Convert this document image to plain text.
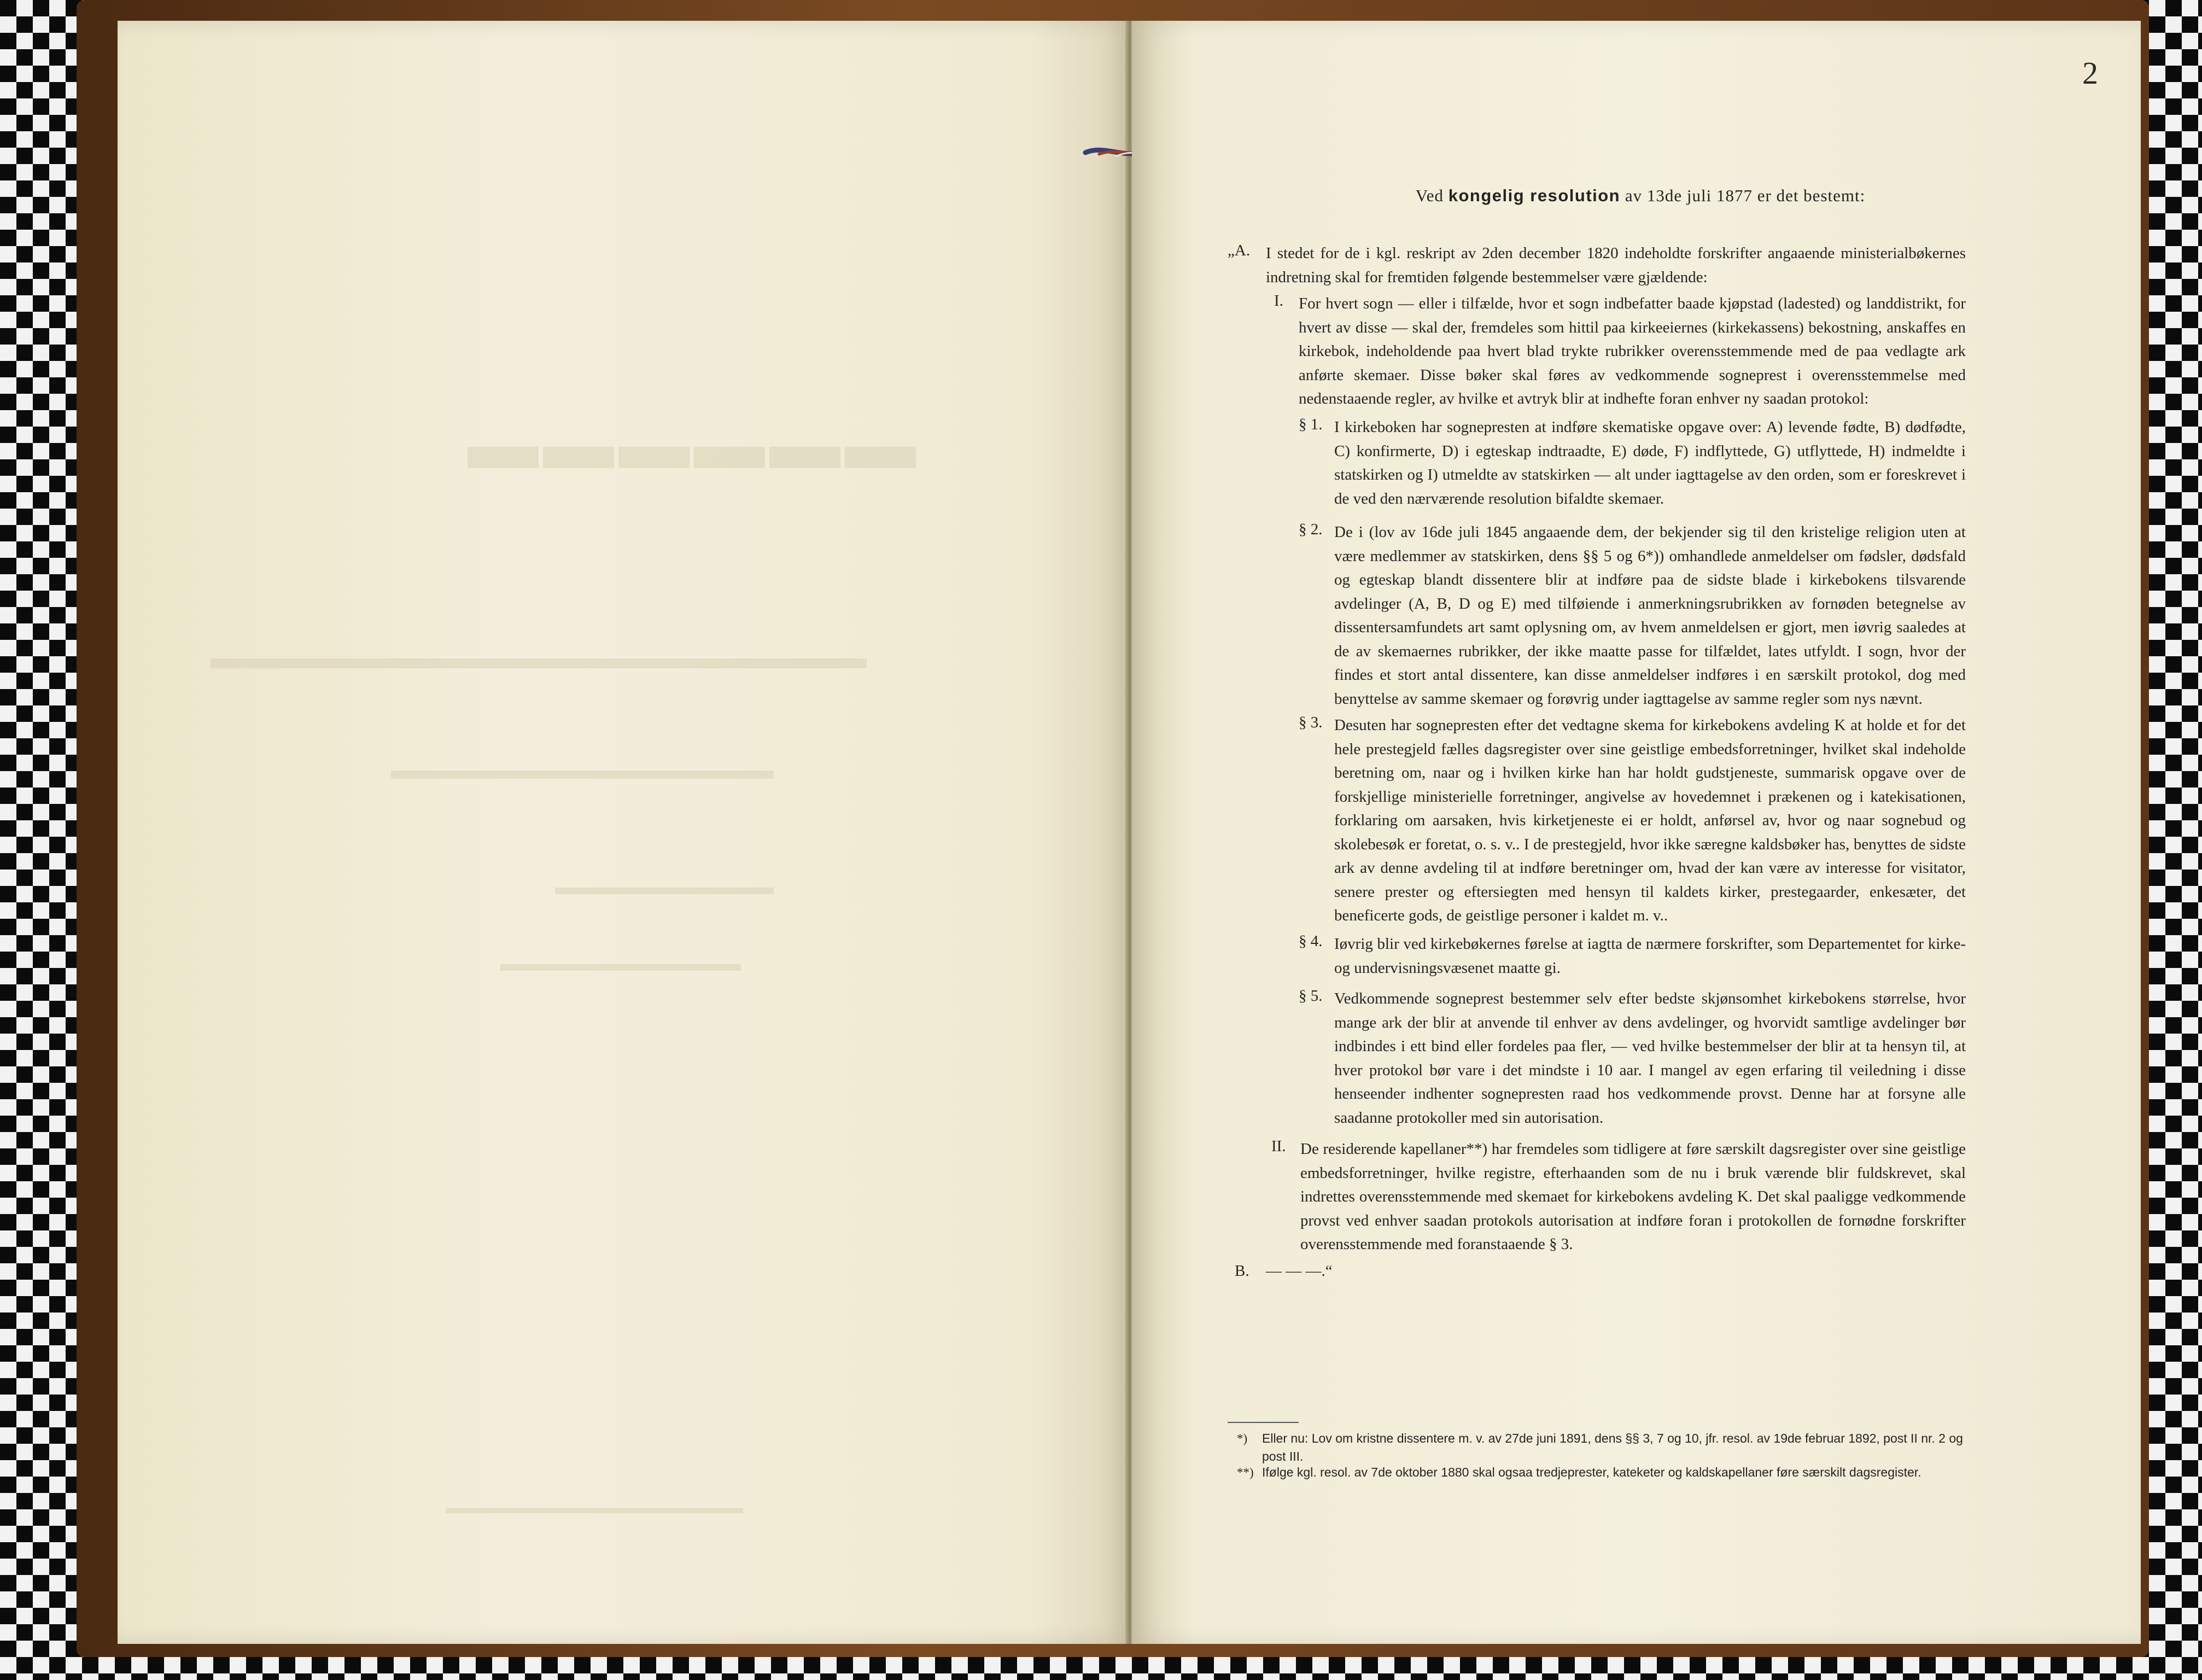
▬▬▬▬▬▬
▬▬▬▬▬▬▬▬▬▬▬▬▬▬▬▬▬▬▬▬
▬▬▬▬▬▬▬▬▬▬▬▬▬▬
▬▬▬▬▬▬▬▬▬▬
▬▬▬▬▬▬▬▬▬▬▬
▬▬▬▬▬▬▬▬▬▬▬▬▬▬▬▬▬
2
Ved kongelig resolution av 13de juli 1877 er det bestemt:
„A. I stedet for de i kgl. reskript av 2den december 1820 indeholdte forskrifter angaaende ministerialbøkernes indretning skal for fremtiden følgende bestemmelser være gjældende:
I. For hvert sogn — eller i tilfælde, hvor et sogn indbefatter baade kjøpstad (ladested) og landdistrikt, for hvert av disse — skal der, fremdeles som hittil paa kirkeeiernes (kirkekassens) bekostning, anskaffes en kirkebok, indeholdende paa hvert blad trykte rubrikker overensstemmende med de paa vedlagte ark anførte skemaer. Disse bøker skal føres av vedkommende sogneprest i overensstemmelse med nedenstaaende regler, av hvilke et avtryk blir at indhefte foran enhver ny saadan protokol:
§ 1. I kirkeboken har sognepresten at indføre skematiske opgave over: A) levende fødte, B) dødfødte, C) konfirmerte, D) i egteskap indtraadte, E) døde, F) indflyttede, G) utflyttede, H) indmeldte i statskirken og I) utmeldte av statskirken — alt under iagttagelse av den orden, som er foreskrevet i de ved den nærværende resolution bifaldte skemaer.
§ 2. De i (lov av 16de juli 1845 angaaende dem, der bekjender sig til den kristelige religion uten at være medlemmer av statskirken, dens §§ 5 og 6*)) omhandlede anmeldelser om fødsler, dødsfald og egteskap blandt dissentere blir at indføre paa de sidste blade i kirkebokens tilsvarende avdelinger (A, B, D og E) med tilføiende i anmerkningsrubrikken av fornøden betegnelse av dissentersamfundets art samt oplysning om, av hvem anmeldelsen er gjort, men iøvrig saaledes at de av skemaernes rubrikker, der ikke maatte passe for tilfældet, lates utfyldt. I sogn, hvor der findes et stort antal dissentere, kan disse anmeldelser indføres i en særskilt protokol, dog med benyttelse av samme skemaer og forøvrig under iagttagelse av samme regler som nys nævnt.
§ 3. Desuten har sognepresten efter det vedtagne skema for kirkebokens avdeling K at holde et for det hele prestegjeld fælles dagsregister over sine geistlige embedsforretninger, hvilket skal indeholde beretning om, naar og i hvilken kirke han har holdt gudstjeneste, summarisk opgave over de forskjellige ministerielle forretninger, angivelse av hovedemnet i prækenen og i katekisationen, forklaring om aarsaken, hvis kirketjeneste ei er holdt, anførsel av, hvor og naar sognebud og skolebesøk er foretat, o. s. v.. I de prestegjeld, hvor ikke særegne kaldsbøker has, benyttes de sidste ark av denne avdeling til at indføre beretninger om, hvad der kan være av interesse for visitator, senere prester og eftersiegten med hensyn til kaldets kirker, prestegaarder, enkesæter, det beneficerte gods, de geistlige personer i kaldet m. v..
§ 4. Iøvrig blir ved kirkebøkernes førelse at iagtta de nærmere forskrifter, som Departementet for kirke- og undervisningsvæsenet maatte gi.
§ 5. Vedkommende sogneprest bestemmer selv efter bedste skjønsomhet kirkebokens størrelse, hvor mange ark der blir at anvende til enhver av dens avdelinger, og hvorvidt samtlige avdelinger bør indbindes i ett bind eller fordeles paa fler, — ved hvilke bestemmelser der blir at ta hensyn til, at hver protokol bør vare i det mindste i 10 aar. I mangel av egen erfaring til veiledning i disse henseender indhenter sognepresten raad hos vedkommende provst. Denne har at forsyne alle saadanne protokoller med sin autorisation.
II. De residerende kapellaner**) har fremdeles som tidligere at føre særskilt dagsregister over sine geistlige embedsforretninger, hvilke registre, efterhaanden som de nu i bruk værende blir fuldskrevet, skal indrettes overensstemmende med skemaet for kirkebokens avdeling K. Det skal paaligge vedkommende provst ved enhver saadan protokols autorisation at indføre foran i protokollen de fornødne forskrifter overensstemmende med foranstaaende § 3.
B. — — —.“
*) Eller nu: Lov om kristne dissentere m. v. av 27de juni 1891, dens §§ 3, 7 og 10, jfr. resol. av 19de februar 1892, post II nr. 2 og post III.
**) Ifølge kgl. resol. av 7de oktober 1880 skal ogsaa tredjeprester, kateketer og kaldskapellaner føre særskilt dagsregister.
